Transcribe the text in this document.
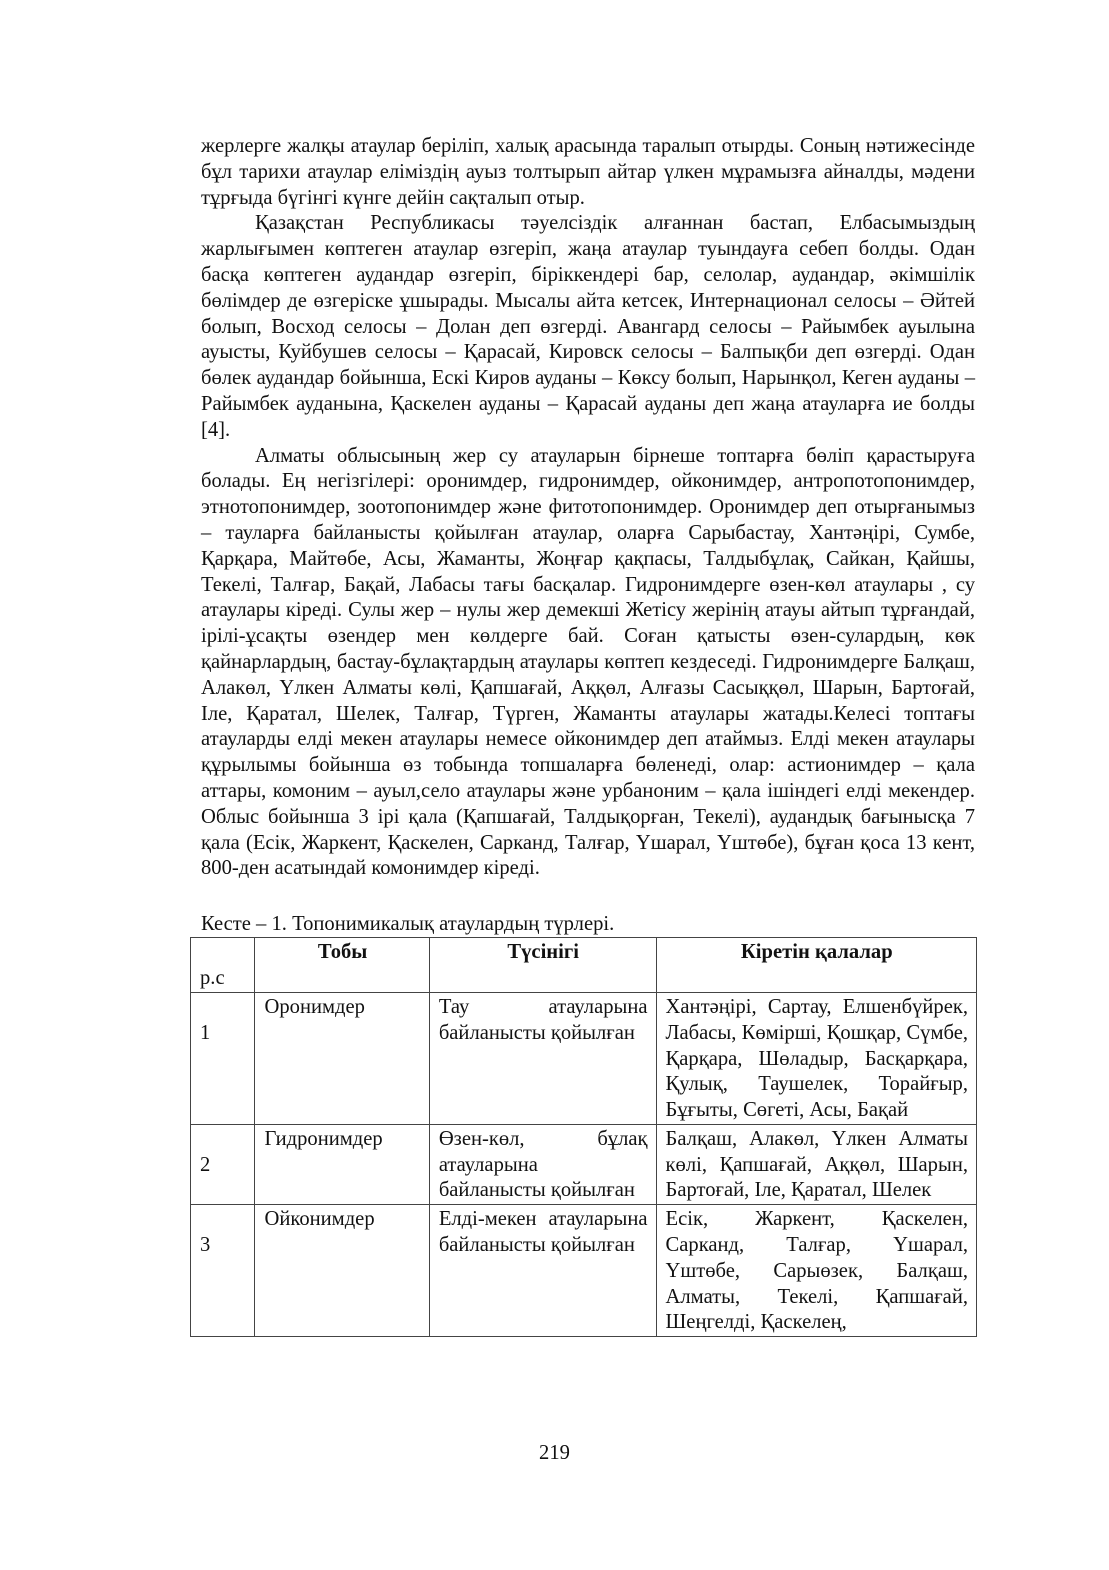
жерлерге жалқы атаулар беріліп, халық арасында таралып отырды. Соның нәтижесінде бұл тарихи атаулар еліміздің ауыз толтырып айтар үлкен мұрамызға айналды, мәдени тұрғыда бүгінгі күнге дейін сақталып отыр.

Қазақстан Республикасы тәуелсіздік алғаннан бастап, Елбасымыздың жарлығымен көптеген атаулар өзгеріп, жаңа атаулар туындауға себеп болды. Одан басқа көптеген аудандар өзгеріп, біріккендері бар, селолар, аудандар, әкімшілік бөлімдер де өзгеріске ұшырады. Мысалы айта кетсек, Интернационал селосы – Әйтей болып, Восход селосы – Долан деп өзгерді. Авангард селосы – Райымбек ауылына ауысты, Куйбушев селосы – Қарасай, Кировск селосы – Балпықби деп өзгерді. Одан бөлек аудандар бойынша, Ескі Киров ауданы – Көксу болып, Нарынқол, Кеген ауданы – Райымбек ауданына, Қаскелен ауданы – Қарасай ауданы деп жаңа атауларға ие болды [4].

Алматы облысының жер су атауларын бірнеше топтарға бөліп қарастыруға болады. Ең негізгілері: оронимдер, гидронимдер, ойконимдер, антропотопонимдер, этнотопонимдер, зоотопонимдер және фитотопонимдер. Оронимдер деп отырғанымыз – тауларға байланысты қойылған атаулар, оларға Сарыбастау, Хантәңірі, Сумбе, Қарқара, Майтөбе, Асы, Жаманты, Жоңғар қақпасы, Талдыбұлақ, Сайкан, Қайшы, Текелі, Талғар, Бақай, Лабасы тағы басқалар. Гидронимдерге өзен-көл атаулары , су атаулары кіреді. Сулы жер – нулы жер демекші Жетісу жерінің атауы айтып тұрғандай, ірілі-ұсақты өзендер мен көлдерге бай. Соған қатысты өзен-сулардың, көк қайнарлардың, бастау-бұлақтардың атаулары көптеп кездеседі. Гидронимдерге Балқаш, Алакөл, Үлкен Алматы көлі, Қапшағай, Аққөл, Алғазы Сасыққөл, Шарын, Бартоғай, Іле, Қаратал, Шелек, Талғар, Түрген, Жаманты атаулары жатады.Келесі топтағы атауларды елді мекен атаулары немесе ойконимдер деп атаймыз. Елді мекен атаулары құрылымы бойынша өз тобында топшаларға бөленеді, олар: астионимдер – қала аттары, комоним – ауыл,село атаулары және урбаноним – қала ішіндегі елді мекендер. Облыс бойынша 3 ірі қала (Қапшағай, Талдықорған, Текелі), аудандық бағыныcқа 7 қала (Есік, Жаркент, Қаскелен, Сарканд, Талғар, Үшарал, Үштөбе), бұған қоса 13 кент, 800-ден асатындай комонимдер кіреді.

Кесте – 1. Топонимикалық атаулардың түрлері.
р.с	Тобы	Түсінігі	Кіретін қалалар
1	Оронимдер	Тау атауларына байланысты қойылған	Хантәңірі, Сартау, Елшенбүйрек, Лабасы, Көмірші, Қошқар, Сүмбе, Қарқара, Шөладыр, Басқарқара, Қулық, Таушелек, Торайғыр, Бұғыты, Сөгеті, Асы, Бақай
2	Гидронимдер	Өзен-көл, бұлақ атауларына байланысты қойылған	Балқаш, Алакөл, Үлкен Алматы көлі, Қапшағай, Аққөл, Шарын, Бартоғай, Іле, Қаратал, Шелек
3	Ойконимдер	Елді-мекен атауларына байланысты қойылған	Есік, Жаркент, Қаскелен, Сарканд, Талғар, Үшарал, Үштөбе, Сарыөзек, Балқаш, Алматы, Текелі, Қапшағай, Шеңгелді, Қаскелең,
219
